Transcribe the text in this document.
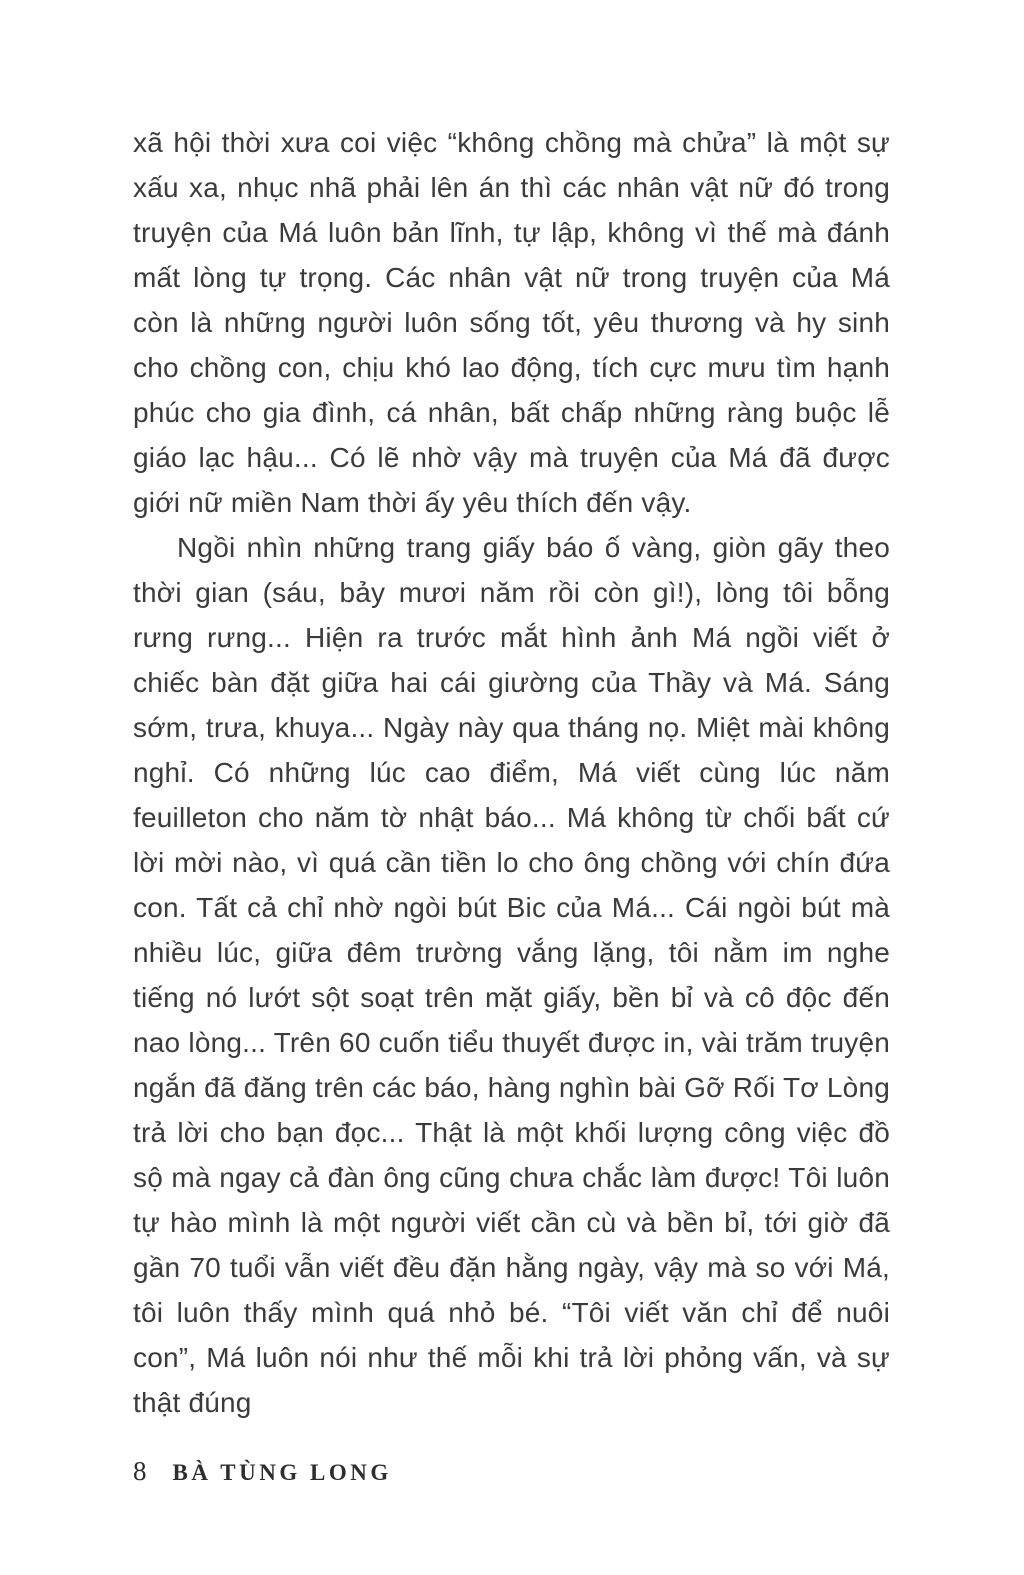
xã hội thời xưa coi việc “không chồng mà chửa” là một sự xấu xa, nhục nhã phải lên án thì các nhân vật nữ đó trong truyện của Má luôn bản lĩnh, tự lập, không vì thế mà đánh mất lòng tự trọng. Các nhân vật nữ trong truyện của Má còn là những người luôn sống tốt, yêu thương và hy sinh cho chồng con, chịu khó lao động, tích cực mưu tìm hạnh phúc cho gia đình, cá nhân, bất chấp những ràng buộc lễ giáo lạc hậu... Có lẽ nhờ vậy mà truyện của Má đã được giới nữ miền Nam thời ấy yêu thích đến vậy.

Ngồi nhìn những trang giấy báo ố vàng, giòn gãy theo thời gian (sáu, bảy mươi năm rồi còn gì!), lòng tôi bỗng rưng rưng... Hiện ra trước mắt hình ảnh Má ngồi viết ở chiếc bàn đặt giữa hai cái giường của Thầy và Má. Sáng sớm, trưa, khuya... Ngày này qua tháng nọ. Miệt mài không nghỉ. Có những lúc cao điểm, Má viết cùng lúc năm feuilleton cho năm tờ nhật báo... Má không từ chối bất cứ lời mời nào, vì quá cần tiền lo cho ông chồng với chín đứa con. Tất cả chỉ nhờ ngòi bút Bic của Má... Cái ngòi bút mà nhiều lúc, giữa đêm trường vắng lặng, tôi nằm im nghe tiếng nó lướt sột soạt trên mặt giấy, bền bỉ và cô độc đến nao lòng... Trên 60 cuốn tiểu thuyết được in, vài trăm truyện ngắn đã đăng trên các báo, hàng nghìn bài Gỡ Rối Tơ Lòng trả lời cho bạn đọc... Thật là một khối lượng công việc đồ sộ mà ngay cả đàn ông cũng chưa chắc làm được! Tôi luôn tự hào mình là một người viết cần cù và bền bỉ, tới giờ đã gần 70 tuổi vẫn viết đều đặn hằng ngày, vậy mà so với Má, tôi luôn thấy mình quá nhỏ bé. “Tôi viết văn chỉ để nuôi con”, Má luôn nói như thế mỗi khi trả lời phỏng vấn, và sự thật đúng

8 BÀ TÙNG LONG
